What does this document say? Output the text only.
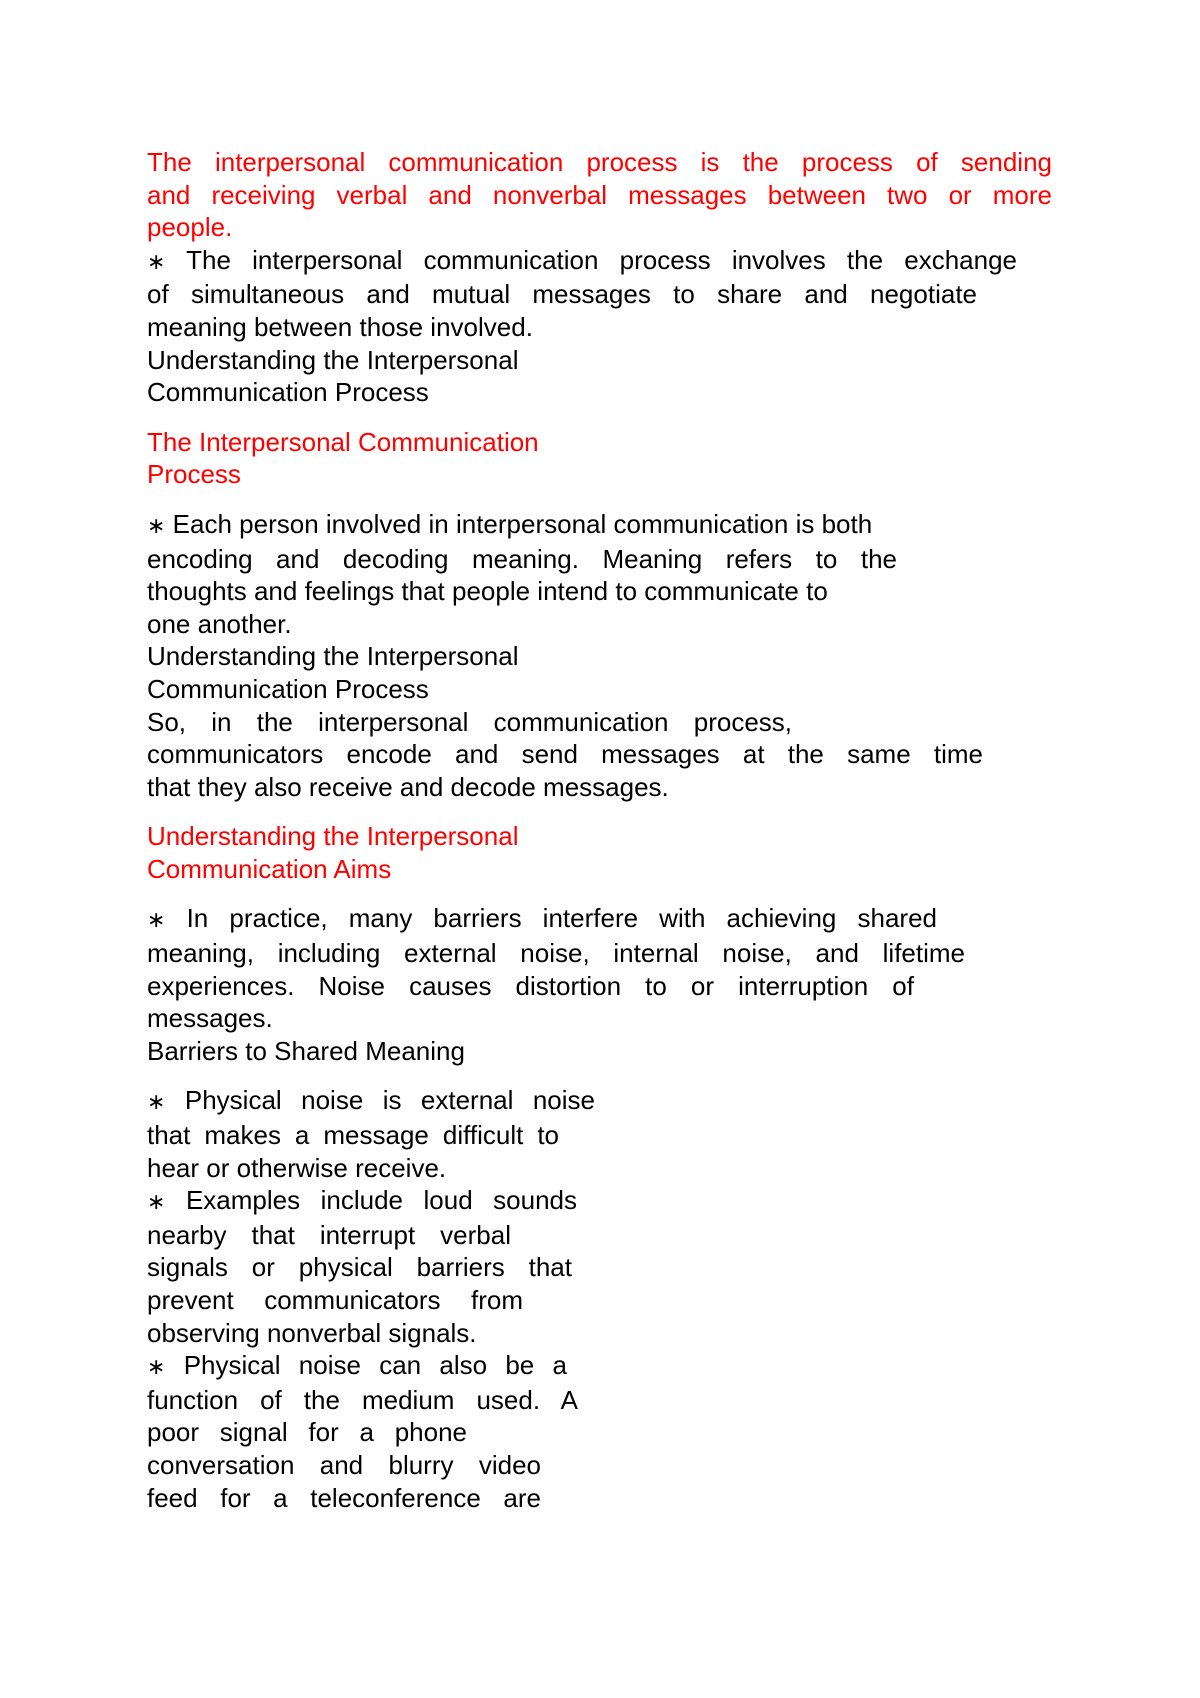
The interpersonal communication process is the process of sending

and receiving verbal and nonverbal messages between two or more

people.

∗ The interpersonal communication process involves the exchange

of simultaneous and mutual messages to share and negotiate

meaning between those involved.

Understanding the Interpersonal

Communication Process

The Interpersonal Communication

Process

∗ Each person involved in interpersonal communication is both

encoding and decoding meaning. Meaning refers to the

thoughts and feelings that people intend to communicate to

one another.

Understanding the Interpersonal

Communication Process

So, in the interpersonal communication process,

communicators encode and send messages at the same time

that they also receive and decode messages.

Understanding the Interpersonal

Communication Aims

∗ In practice, many barriers interfere with achieving shared

meaning, including external noise, internal noise, and lifetime

experiences. Noise causes distortion to or interruption of

messages.

Barriers to Shared Meaning

∗ Physical noise is external noise

that makes a message difficult to

hear or otherwise receive.

∗ Examples include loud sounds

nearby that interrupt verbal

signals or physical barriers that

prevent communicators from

observing nonverbal signals.

∗ Physical noise can also be a

function of the medium used. A

poor signal for a phone

conversation and blurry video

feed for a teleconference are
